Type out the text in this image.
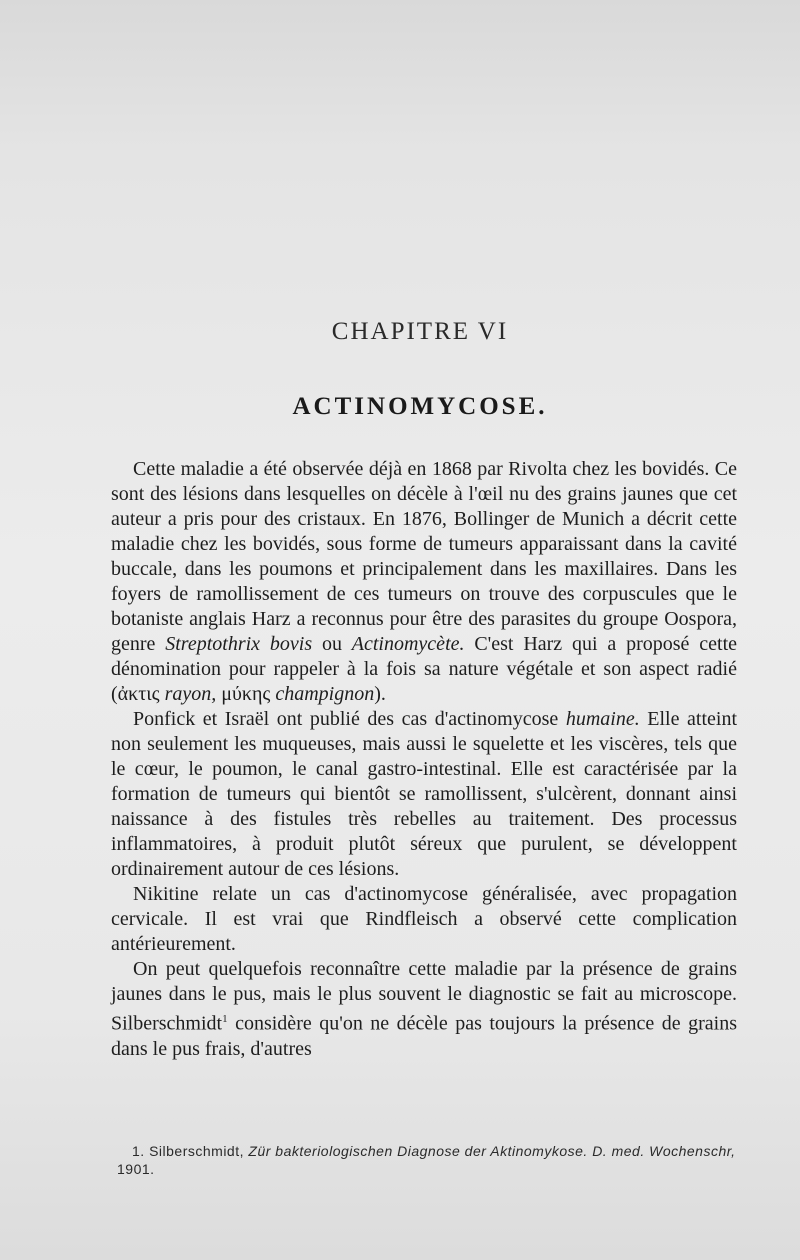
CHAPITRE VI
ACTINOMYCOSE.

Cette maladie a été observée déjà en 1868 par Rivolta chez les bovidés. Ce sont des lésions dans lesquelles on décèle à l'œil nu des grains jaunes que cet auteur a pris pour des cristaux. En 1876, Bollinger de Munich a décrit cette maladie chez les bovidés, sous forme de tumeurs apparaissant dans la cavité buccale, dans les poumons et principalement dans les maxillaires. Dans les foyers de ramollissement de ces tumeurs on trouve des corpuscules que le botaniste anglais Harz a reconnus pour être des parasites du groupe Oospora, genre Streptothrix bovis ou Actinomycète. C'est Harz qui a proposé cette dénomination pour rappeler à la fois sa nature végétale et son aspect radié (ἀκτις rayon, μύκης champignon).

Ponfick et Israël ont publié des cas d'actinomycose humaine. Elle atteint non seulement les muqueuses, mais aussi le squelette et les viscères, tels que le cœur, le poumon, le canal gastro-intestinal. Elle est caractérisée par la formation de tumeurs qui bientôt se ramollissent, s'ulcèrent, donnant ainsi naissance à des fistules très rebelles au traitement. Des processus inflammatoires, à produit plutôt séreux que purulent, se développent ordinairement autour de ces lésions.

Nikitine relate un cas d'actinomycose généralisée, avec propagation cervicale. Il est vrai que Rindfleisch a observé cette complication antérieurement.

On peut quelquefois reconnaître cette maladie par la présence de grains jaunes dans le pus, mais le plus souvent le diagnostic se fait au microscope. Silberschmidt$^1$ considère qu'on ne décèle pas toujours la présence de grains dans le pus frais, d'autres

1. Silberschmidt, Zür bakteriologischen Diagnose der Aktinomykose. D. med. Wochenschr, 1901.
